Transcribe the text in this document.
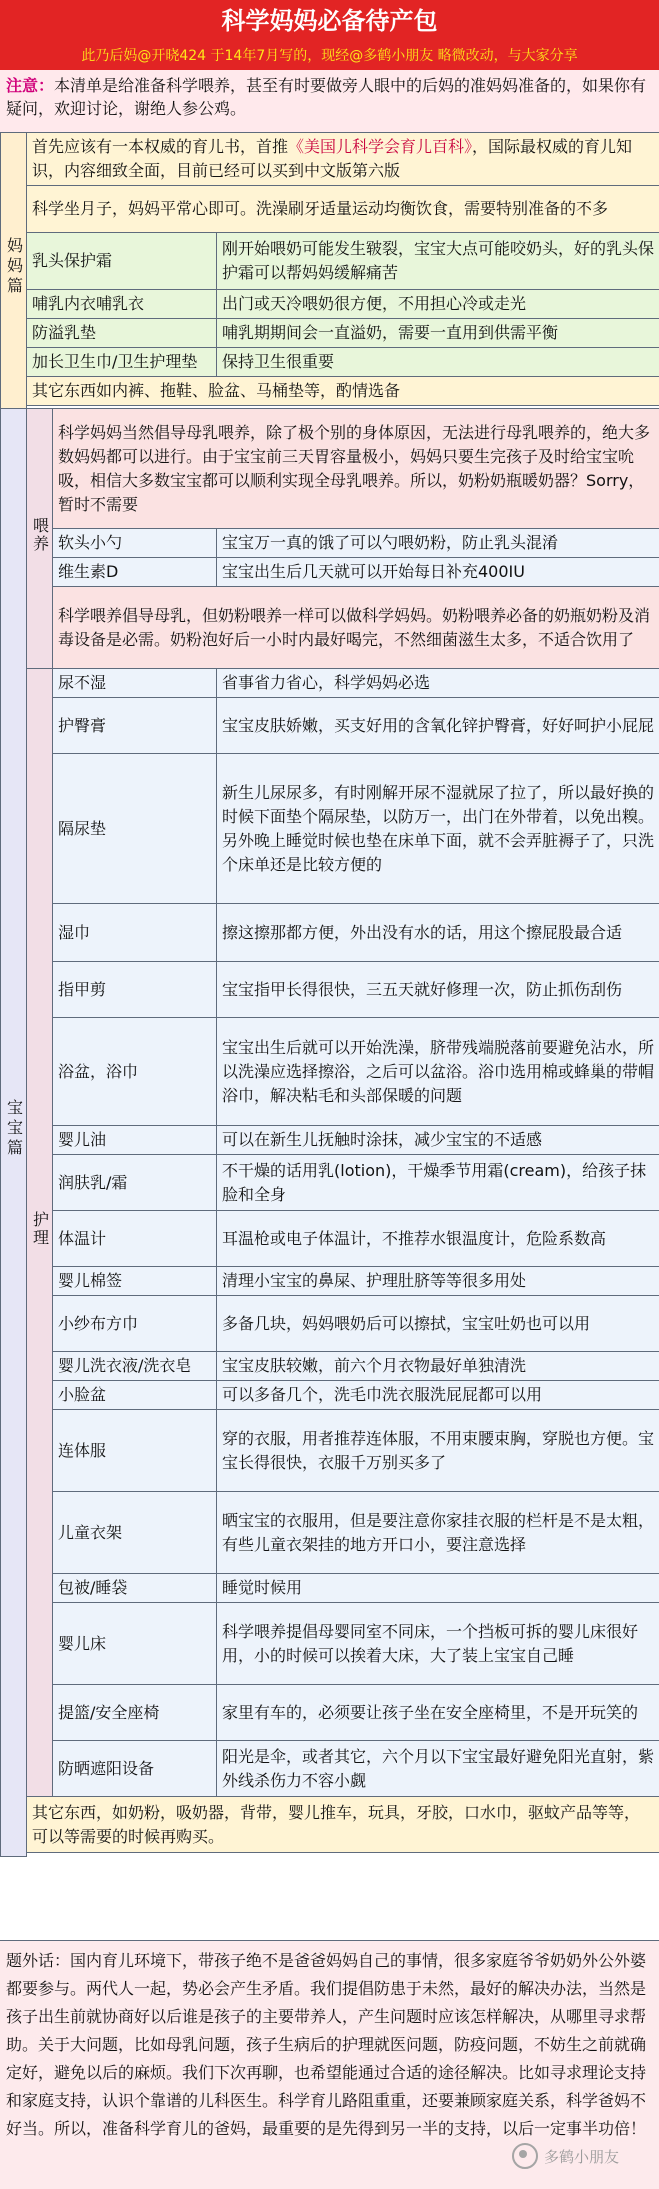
科学妈妈必备待产包
此乃后妈@开晓424 于14年7月写的，现经@多鹤小朋友 略微改动，与大家分享
注意：本清单是给准备科学喂养，甚至有时要做旁人眼中的后妈的准妈妈准备的，如果你有疑问，欢迎讨论，谢绝人参公鸡。
妈妈篇	首先应该有一本权威的育儿书，首推《美国儿科学会育儿百科》，国际最权威的育儿知识，内容细致全面，目前已经可以买到中文版第六版		
	科学坐月子，妈妈平常心即可。洗澡刷牙适量运动均衡饮食，需要特别准备的不多		
	乳头保护霜		刚开始喂奶可能发生皲裂，宝宝大点可能咬奶头，好的乳头保护霜可以帮妈妈缓解痛苦
	哺乳内衣哺乳衣		出门或天冷喂奶很方便，不用担心冷或走光
	防溢乳垫		哺乳期期间会一直溢奶，需要一直用到供需平衡
	加长卫生巾/卫生护理垫		保持卫生很重要
	其它东西如内裤、拖鞋、脸盆、马桶垫等，酌情选备		

宝宝篇	喂养	科学妈妈当然倡导母乳喂养，除了极个别的身体原因，无法进行母乳喂养的，绝大多数妈妈都可以进行。由于宝宝前三天胃容量极小，妈妈只要生完孩子及时给宝宝吮吸，相信大多数宝宝都可以顺利实现全母乳喂养。所以，奶粉奶瓶暖奶器？Sorry，暂时不需要	
		软头小勺	宝宝万一真的饿了可以勺喂奶粉，防止乳头混淆
		维生素D	宝宝出生后几天就可以开始每日补充400IU
		科学喂养倡导母乳，但奶粉喂养一样可以做科学妈妈。奶粉喂养必备的奶瓶奶粉及消毒设备是必需。奶粉泡好后一小时内最好喝完，不然细菌滋生太多，不适合饮用了	
	护理	尿不湿	省事省力省心，科学妈妈必选
		护臀膏	宝宝皮肤娇嫩，买支好用的含氧化锌护臀膏，好好呵护小屁屁
		隔尿垫	新生儿尿尿多，有时刚解开尿不湿就尿了拉了，所以最好换的时候下面垫个隔尿垫，以防万一，出门在外带着，以免出糗。另外晚上睡觉时候也垫在床单下面，就不会弄脏褥子了，只洗个床单还是比较方便的
		湿巾	擦这擦那都方便，外出没有水的话，用这个擦屁股最合适
		指甲剪	宝宝指甲长得很快，三五天就好修理一次，防止抓伤刮伤
		浴盆，浴巾	宝宝出生后就可以开始洗澡，脐带残端脱落前要避免沾水，所以洗澡应选择擦浴，之后可以盆浴。浴巾选用棉或蜂巢的带帽浴巾，解决粘毛和头部保暖的问题
		婴儿油	可以在新生儿抚触时涂抹，减少宝宝的不适感
		润肤乳/霜	不干燥的话用乳(lotion)，干燥季节用霜(cream)，给孩子抹脸和全身
		体温计	耳温枪或电子体温计，不推荐水银温度计，危险系数高
		婴儿棉签	清理小宝宝的鼻屎、护理肚脐等等很多用处
		小纱布方巾	多备几块，妈妈喂奶后可以擦拭，宝宝吐奶也可以用
		婴儿洗衣液/洗衣皂	宝宝皮肤较嫩，前六个月衣物最好单独清洗
		小脸盆	可以多备几个，洗毛巾洗衣服洗屁屁都可以用
		连体服	穿的衣服，用者推荐连体服，不用束腰束胸，穿脱也方便。宝宝长得很快，衣服千万别买多了
		儿童衣架	晒宝宝的衣服用，但是要注意你家挂衣服的栏杆是不是太粗，有些儿童衣架挂的地方开口小，要注意选择
		包被/睡袋	睡觉时候用
		婴儿床	科学喂养提倡母婴同室不同床，一个挡板可拆的婴儿床很好用，小的时候可以挨着大床，大了装上宝宝自己睡
		提篮/安全座椅	家里有车的，必须要让孩子坐在安全座椅里，不是开玩笑的
		防晒遮阳设备	阳光是伞，或者其它，六个月以下宝宝最好避免阳光直射，紫外线杀伤力不容小觑
	其它东西，如奶粉，吸奶器，背带，婴儿推车，玩具，牙胶，口水巾，驱蚊产品等等，可以等需要的时候再购买。		

题外话：国内育儿环境下，带孩子绝不是爸爸妈妈自己的事情，很多家庭爷爷奶奶外公外婆都要参与。两代人一起，势必会产生矛盾。我们提倡防患于未然，最好的解决办法，当然是孩子出生前就协商好以后谁是孩子的主要带养人，产生问题时应该怎样解决，从哪里寻求帮助。关于大问题，比如母乳问题，孩子生病后的护理就医问题，防疫问题，不妨生之前就确定好，避免以后的麻烦。我们下次再聊，也希望能通过合适的途径解决。比如寻求理论支持和家庭支持，认识个靠谱的儿科医生。科学育儿路阻重重，还要兼顾家庭关系，科学爸妈不好当。所以，准备科学育儿的爸妈，最重要的是先得到另一半的支持，以后一定事半功倍！
多鹤小朋友
